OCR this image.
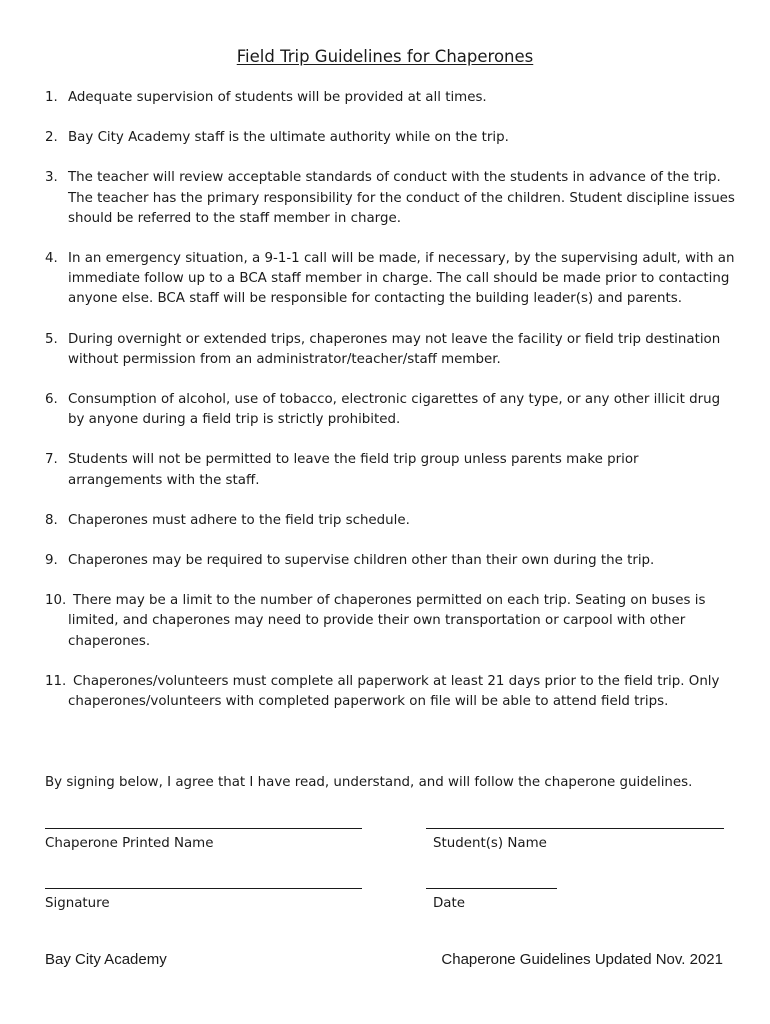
Field Trip Guidelines for Chaperones
1. Adequate supervision of students will be provided at all times.
2. Bay City Academy staff is the ultimate authority while on the trip.
3. The teacher will review acceptable standards of conduct with the students in advance of the trip. The teacher has the primary responsibility for the conduct of the children. Student discipline issues should be referred to the staff member in charge.
4. In an emergency situation, a 9-1-1 call will be made, if necessary, by the supervising adult, with an immediate follow up to a BCA staff member in charge. The call should be made prior to contacting anyone else. BCA staff will be responsible for contacting the building leader(s) and parents.
5. During overnight or extended trips, chaperones may not leave the facility or field trip destination without permission from an administrator/teacher/staff member.
6. Consumption of alcohol, use of tobacco, electronic cigarettes of any type, or any other illicit drug by anyone during a field trip is strictly prohibited.
7. Students will not be permitted to leave the field trip group unless parents make prior arrangements with the staff.
8. Chaperones must adhere to the field trip schedule.
9. Chaperones may be required to supervise children other than their own during the trip.
10. There may be a limit to the number of chaperones permitted on each trip. Seating on buses is limited, and chaperones may need to provide their own transportation or carpool with other chaperones.
11. Chaperones/volunteers must complete all paperwork at least 21 days prior to the field trip. Only chaperones/volunteers with completed paperwork on file will be able to attend field trips.
By signing below, I agree that I have read, understand, and will follow the chaperone guidelines.
Chaperone Printed Name	Student(s) Name
Signature	Date
Bay City Academy	Chaperone Guidelines Updated Nov. 2021
